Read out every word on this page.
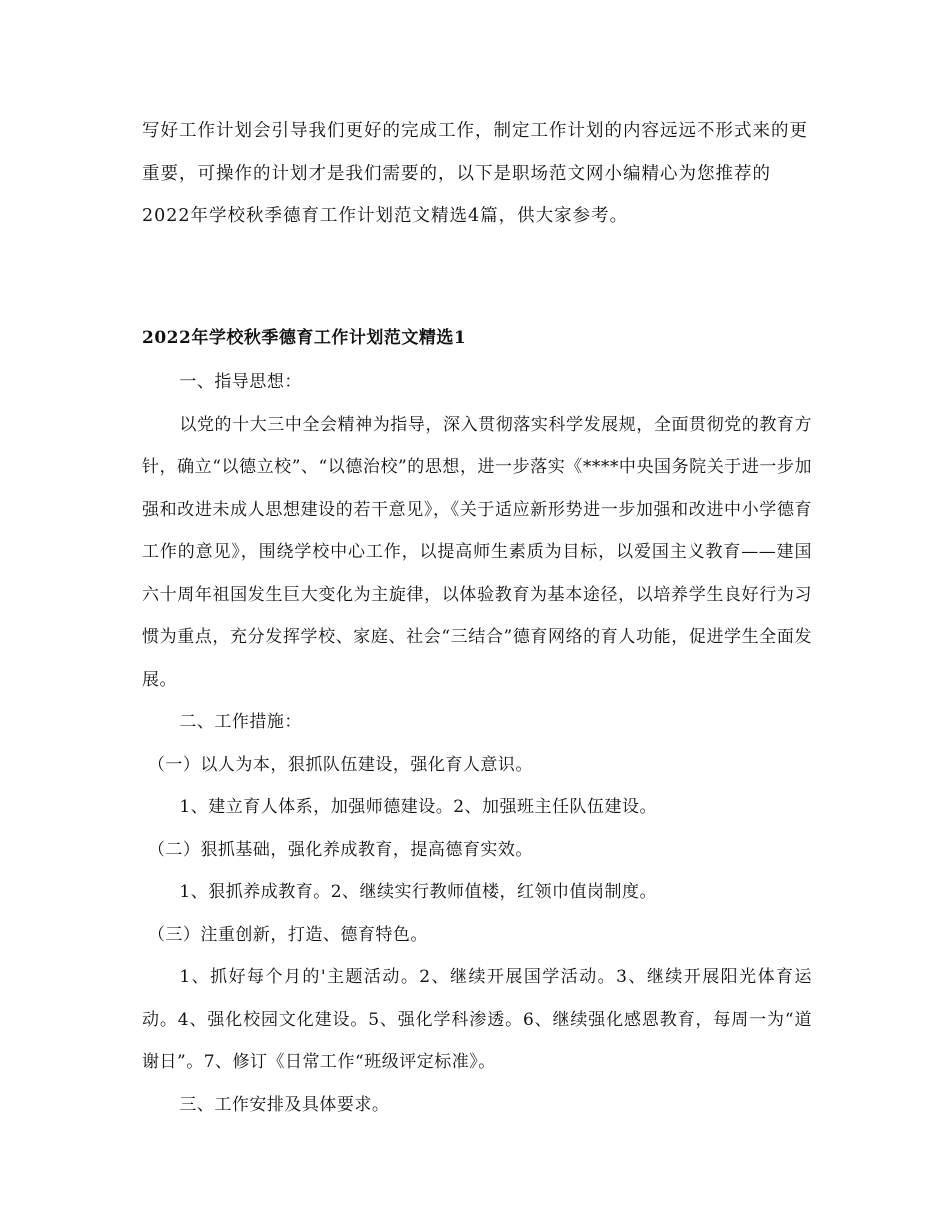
写好工作计划会引导我们更好的完成工作，制定工作计划的内容远远不形式来的更

重要，可操作的计划才是我们需要的，以下是职场范文网小编精心为您推荐的

2022年学校秋季德育工作计划范文精选4篇，供大家参考。

2022年学校秋季德育工作计划范文精选1

一、指导思想：

以党的十大三中全会精神为指导，深入贯彻落实科学发展规，全面贯彻党的教育方针，确立“以德立校”、“以德治校”的思想，进一步落实《****中央国务院关于进一步加强和改进未成人思想建设的若干意见》，《关于适应新形势进一步加强和改进中小学德育工作的意见》，围绕学校中心工作，以提高师生素质为目标，以爱国主义教育——建国六十周年祖国发生巨大变化为主旋律，以体验教育为基本途径，以培养学生良好行为习惯为重点，充分发挥学校、家庭、社会“三结合”德育网络的育人功能，促进学生全面发展。

二、工作措施：

（一）以人为本，狠抓队伍建设，强化育人意识。

1、建立育人体系，加强师德建设。2、加强班主任队伍建设。

（二）狠抓基础，强化养成教育，提高德育实效。

1、狠抓养成教育。2、继续实行教师值楼，红领巾值岗制度。

（三）注重创新，打造、德育特色。

1、抓好每个月的'主题活动。2、继续开展国学活动。3、继续开展阳光体育运动。4、强化校园文化建设。5、强化学科渗透。6、继续强化感恩教育，每周一为“道谢日”。7、修订《日常工作“班级评定标准》。

三、工作安排及具体要求。
